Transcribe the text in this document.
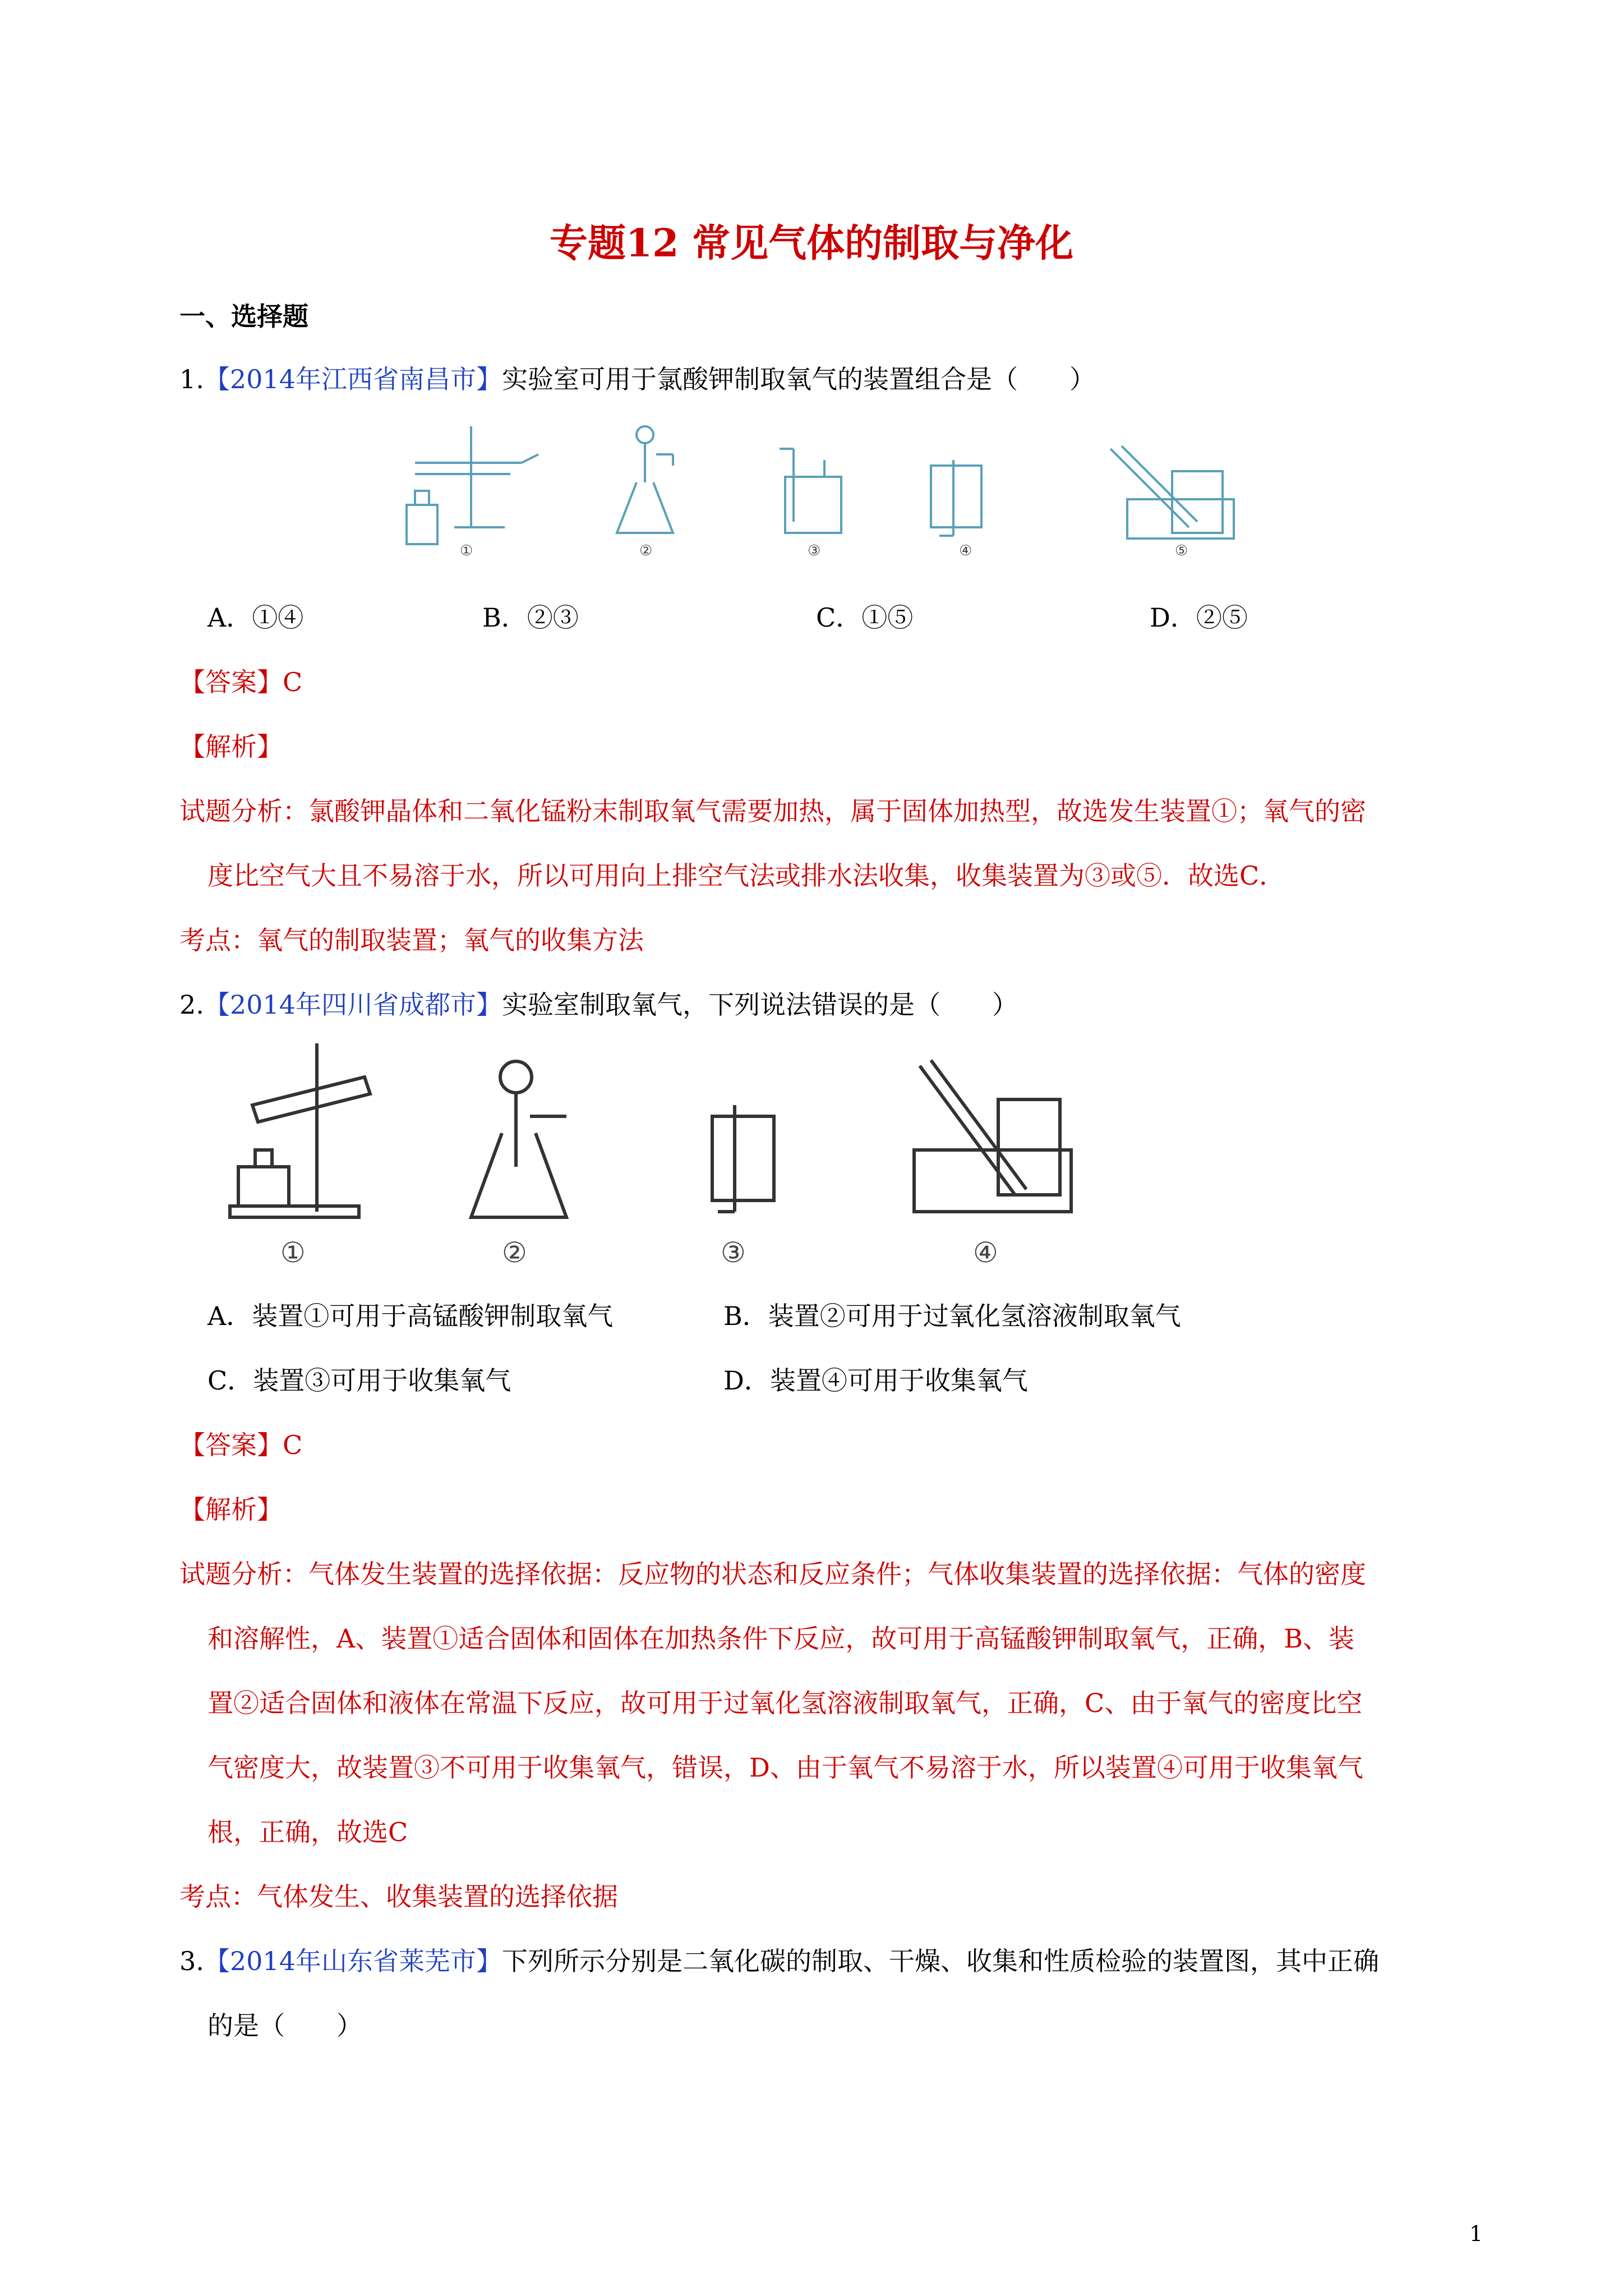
专题12 常见气体的制取与净化
一、选择题
1.【2014年江西省南昌市】实验室可用于氯酸钾制取氧气的装置组合是（　　）
①	②	③	④	⑤
A．①④	B．②③	C．①⑤	D．②⑤
【答案】C
【解析】
试题分析：氯酸钾晶体和二氧化锰粉末制取氧气需要加热，属于固体加热型，故选发生装置①；氧气的密
度比空气大且不易溶于水，所以可用向上排空气法或排水法收集，收集装置为③或⑤．故选C．
考点：氧气的制取装置；氧气的收集方法
2.【2014年四川省成都市】实验室制取氧气，下列说法错误的是（　　）
①	②	③	④
A．装置①可用于高锰酸钾制取氧气	B．装置②可用于过氧化氢溶液制取氧气
C．装置③可用于收集氧气	D．装置④可用于收集氧气
【答案】C
【解析】
试题分析：气体发生装置的选择依据：反应物的状态和反应条件；气体收集装置的选择依据：气体的密度
和溶解性，A、装置①适合固体和固体在加热条件下反应，故可用于高锰酸钾制取氧气，正确，B、装
置②适合固体和液体在常温下反应，故可用于过氧化氢溶液制取氧气，正确，C、由于氧气的密度比空
气密度大，故装置③不可用于收集氧气，错误，D、由于氧气不易溶于水，所以装置④可用于收集氧气
根，正确，故选C
考点：气体发生、收集装置的选择依据
3.【2014年山东省莱芜市】下列所示分别是二氧化碳的制取、干燥、收集和性质检验的装置图，其中正确
的是（　　）
1
